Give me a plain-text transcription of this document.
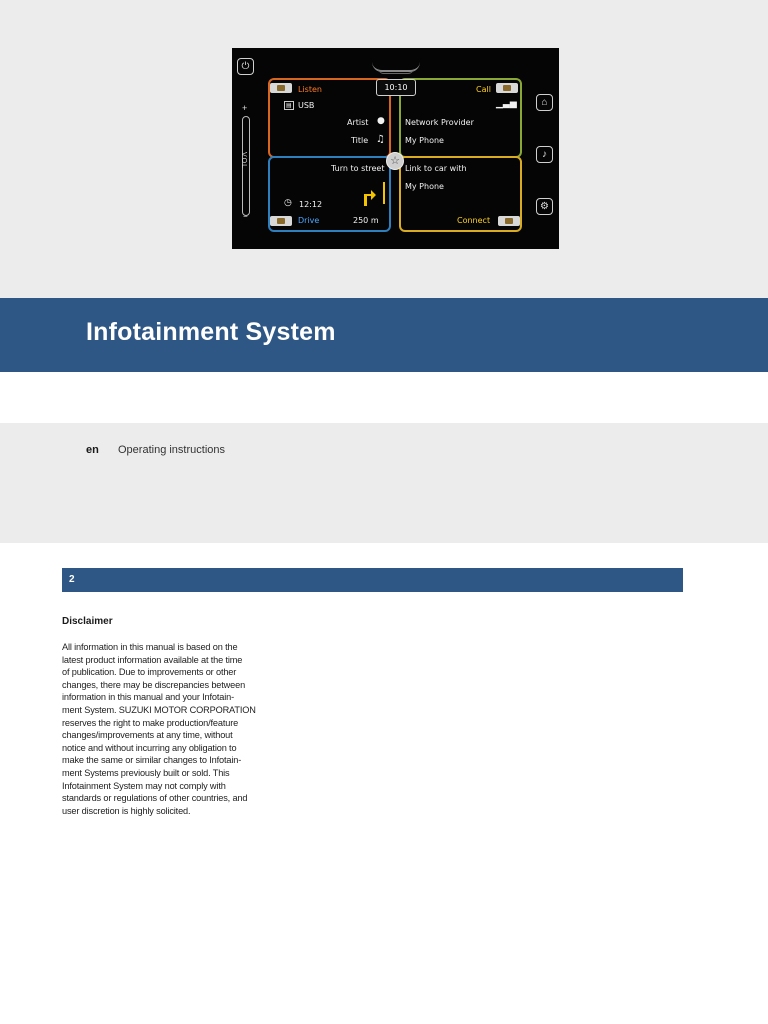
⏻
+
VOL
−
⌂
♪
⚙
Listen
▤ USB
Artist ●
Title ♫
Call
▁▃▅
Network Provider
My Phone
10:10
Turn to street
◷ 12:12
Drive	250 m
Link to car with
My Phone
Connect
☆
Infotainment System
en Operating instructions
2
Disclaimer
All information in this manual is based on the
latest product information available at the time
of publication. Due to improvements or other
changes, there may be discrepancies between
information in this manual and your Infotain-
ment System. SUZUKI MOTOR CORPORATION
reserves the right to make production/feature
changes/improvements at any time, without
notice and without incurring any obligation to
make the same or similar changes to Infotain-
ment Systems previously built or sold. This
Infotainment System may not comply with
standards or regulations of other countries, and
user discretion is highly solicited.
